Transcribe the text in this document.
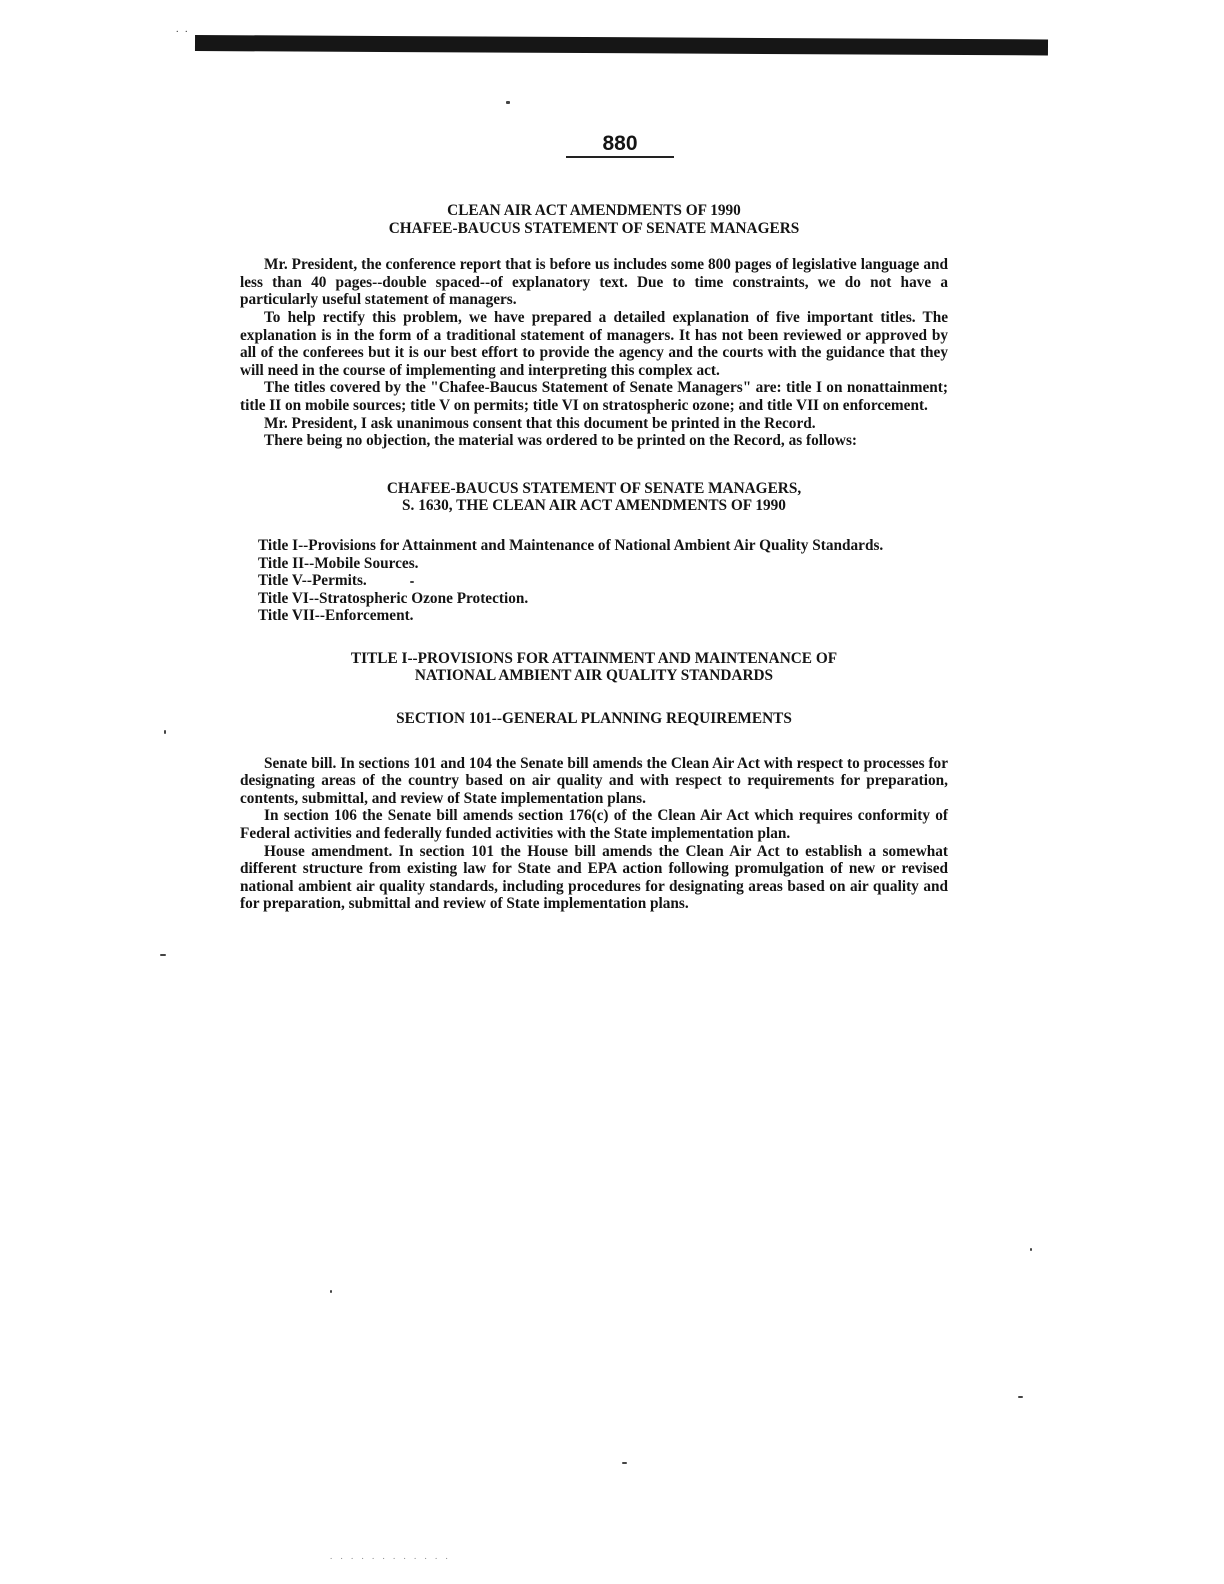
. .
880
CLEAN AIR ACT AMENDMENTS OF 1990
CHAFEE-BAUCUS STATEMENT OF SENATE MANAGERS

Mr. President, the conference report that is before us includes some 800 pages of legislative language and less than 40 pages--double spaced--of explanatory text. Due to time constraints, we do not have a particularly useful statement of managers.

To help rectify this problem, we have prepared a detailed explanation of five important titles. The explanation is in the form of a traditional statement of managers. It has not been reviewed or approved by all of the conferees but it is our best effort to provide the agency and the courts with the guidance that they will need in the course of implementing and interpreting this complex act.

The titles covered by the "Chafee-Baucus Statement of Senate Managers" are: title I on nonattainment; title II on mobile sources; title V on permits; title VI on stratospheric ozone; and title VII on enforcement.

Mr. President, I ask unanimous consent that this document be printed in the Record.

There being no objection, the material was ordered to be printed on the Record, as follows:

CHAFEE-BAUCUS STATEMENT OF SENATE MANAGERS,
S. 1630, THE CLEAN AIR ACT AMENDMENTS OF 1990
Title I--Provisions for Attainment and Maintenance of National Ambient Air Quality Standards.
Title II--Mobile Sources.
Title V--Permits.
Title VI--Stratospheric Ozone Protection.
Title VII--Enforcement.
TITLE I--PROVISIONS FOR ATTAINMENT AND MAINTENANCE OF
NATIONAL AMBIENT AIR QUALITY STANDARDS
SECTION 101--GENERAL PLANNING REQUIREMENTS

Senate bill. In sections 101 and 104 the Senate bill amends the Clean Air Act with respect to processes for designating areas of the country based on air quality and with respect to requirements for preparation, contents, submittal, and review of State implementation plans.

In section 106 the Senate bill amends section 176(c) of the Clean Air Act which requires conformity of Federal activities and federally funded activities with the State implementation plan.

House amendment. In section 101 the House bill amends the Clean Air Act to establish a somewhat different structure from existing law for State and EPA action following promulgation of new or revised national ambient air quality standards, including procedures for designating areas based on air quality and for preparation, submittal and review of State implementation plans.

. . . . . . . . . . . .
